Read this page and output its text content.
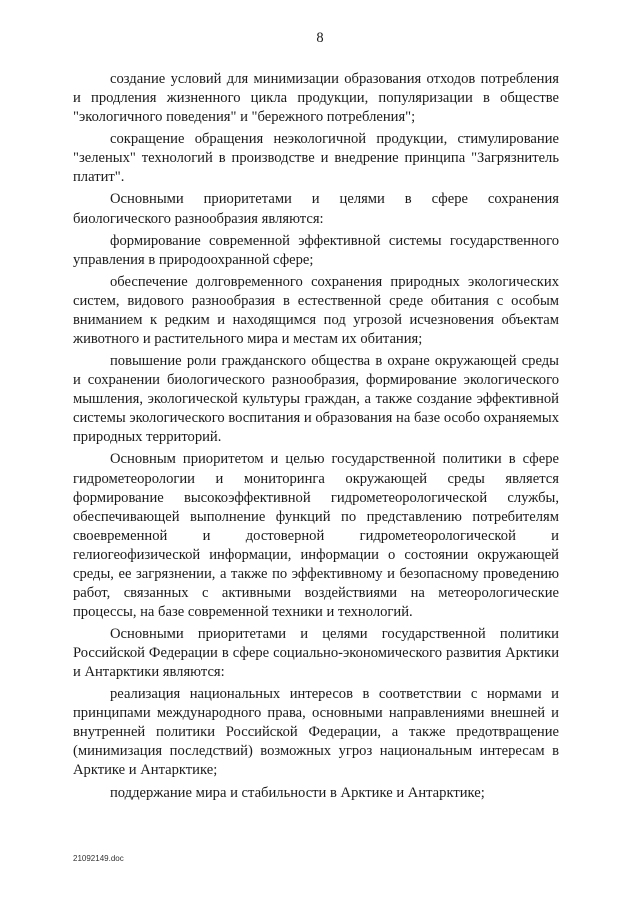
8

создание условий для минимизации образования отходов потребления и продления жизненного цикла продукции, популяризации в обществе "экологичного поведения" и "бережного потребления";

сокращение обращения неэкологичной продукции, стимулирование "зеленых" технологий в производстве и внедрение принципа "Загрязнитель платит".

Основными приоритетами и целями в сфере сохранения биологического разнообразия являются:

формирование современной эффективной системы государственного управления в природоохранной сфере;

обеспечение долговременного сохранения природных экологических систем, видового разнообразия в естественной среде обитания с особым вниманием к редким и находящимся под угрозой исчезновения объектам животного и растительного мира и местам их обитания;

повышение роли гражданского общества в охране окружающей среды и сохранении биологического разнообразия, формирование экологического мышления, экологической культуры граждан, а также создание эффективной системы экологического воспитания и образования на базе особо охраняемых природных территорий.

Основным приоритетом и целью государственной политики в сфере гидрометеорологии и мониторинга окружающей среды является формирование высокоэффективной гидрометеорологической службы, обеспечивающей выполнение функций по представлению потребителям своевременной и достоверной гидрометеорологической и гелиогеофизической информации, информации о состоянии окружающей среды, ее загрязнении, а также по эффективному и безопасному проведению работ, связанных с активными воздействиями на метеорологические процессы, на базе современной техники и технологий.

Основными приоритетами и целями государственной политики Российской Федерации в сфере социально-экономического развития Арктики и Антарктики являются:

реализация национальных интересов в соответствии с нормами и принципами международного права, основными направлениями внешней и внутренней политики Российской Федерации, а также предотвращение (минимизация последствий) возможных угроз национальным интересам в Арктике и Антарктике;

поддержание мира и стабильности в Арктике и Антарктике;

21092149.doc
